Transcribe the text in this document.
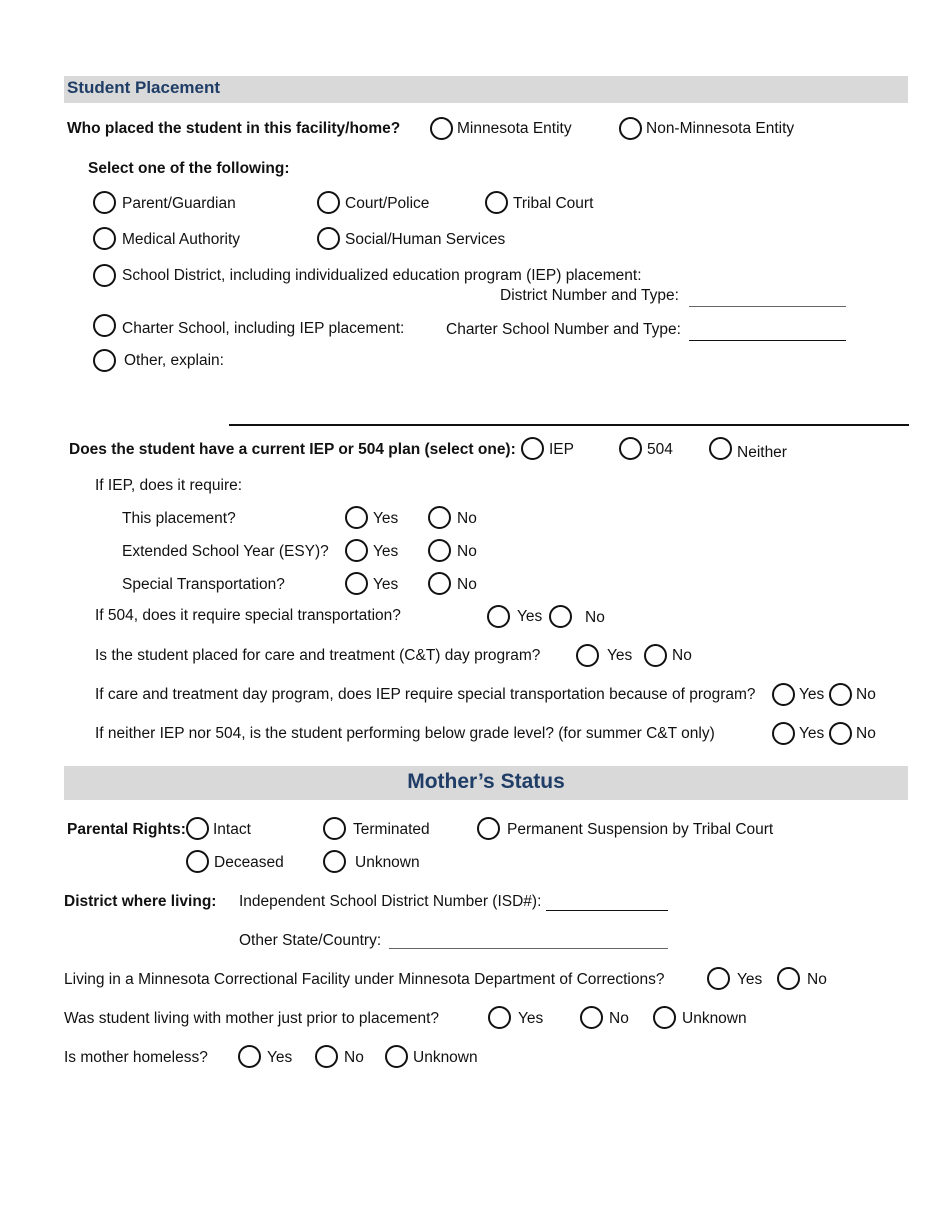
Student Placement
Who placed the student in this facility/home?	Minnesota Entity	Non-Minnesota Entity
Select one of the following:
Parent/Guardian	Court/Police	Tribal Court
Medical Authority	Social/Human Services
School District, including individualized education program (IEP) placement:
District Number and Type:
Charter School, including IEP placement:	Charter School Number and Type:
Other, explain:
Does the student have a current IEP or 504 plan (select one): IEP	504	Neither
If IEP, does it require:
This placement?	Yes	No
Extended School Year (ESY)?	Yes	No
Special Transportation?	Yes	No
If 504, does it require special transportation?	Yes	No
Is the student placed for care and treatment (C&T) day program?	Yes	No
If care and treatment day program, does IEP require special transportation because of program?	Yes No
If neither IEP nor 504, is the student performing below grade level? (for summer C&T only)	Yes No
Mother’s Status
Parental Rights: Intact	Terminated	Permanent Suspension by Tribal Court
Deceased	Unknown
District where living: Independent School District Number (ISD#):
Other State/Country:
Living in a Minnesota Correctional Facility under Minnesota Department of Corrections?	Yes	No
Was student living with mother just prior to placement?	Yes	No	Unknown
Is mother homeless?	Yes	No	Unknown
